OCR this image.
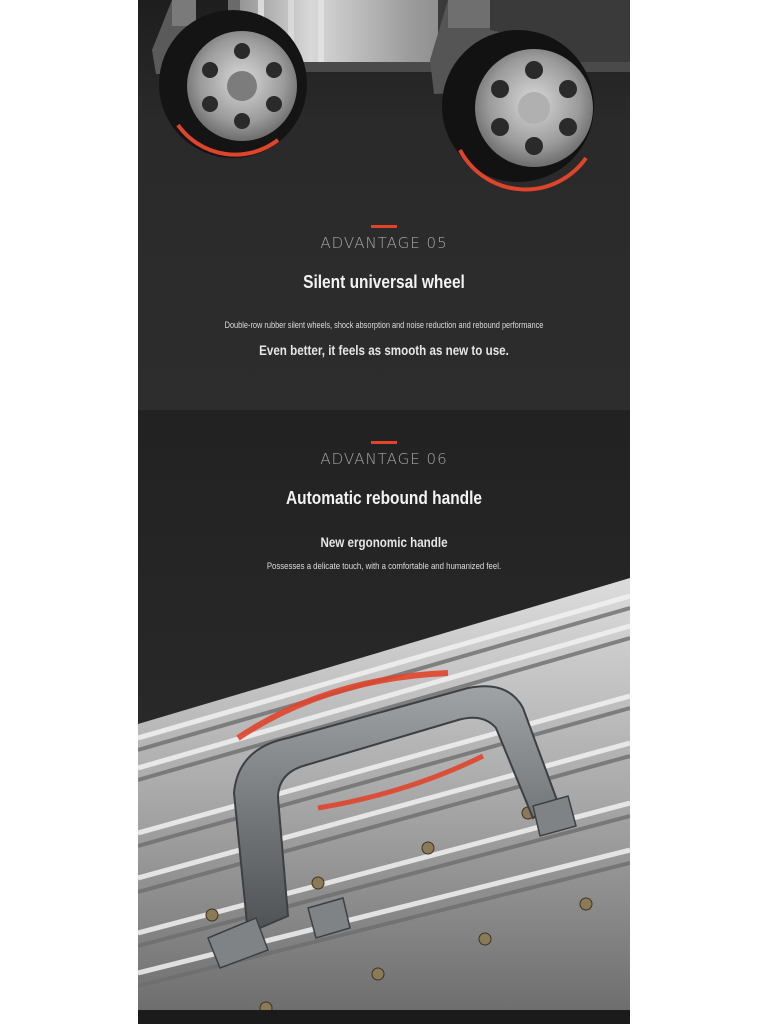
ADVANTAGE 05
Silent universal wheel
Double-row rubber silent wheels, shock absorption and noise reduction and rebound performance
Even better, it feels as smooth as new to use.
ADVANTAGE 06
Automatic rebound handle
New ergonomic handle
Possesses a delicate touch, with a comfortable and humanized feel.
